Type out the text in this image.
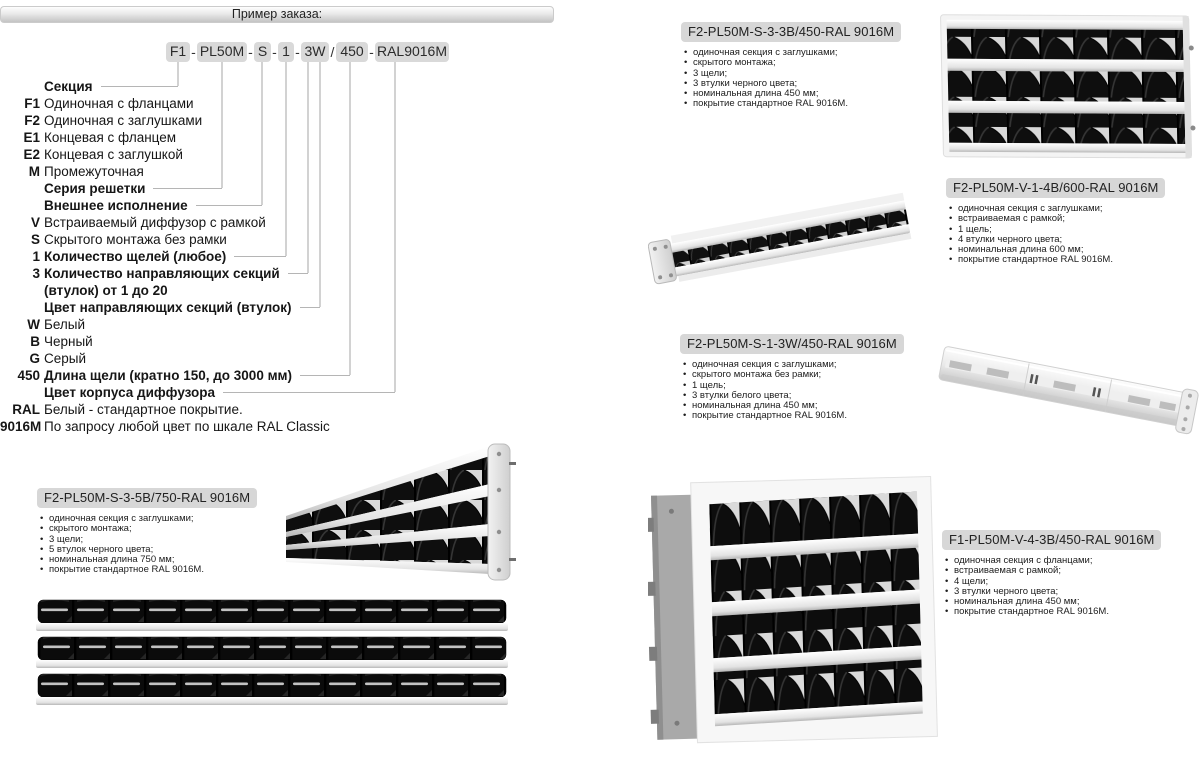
Пример заказа:
F1 - PL50M - S - 1 - 3W / 450 - RAL9016M
Секция
F1 Одиночная с фланцами
F2 Одиночная с заглушками
E1 Концевая с фланцем
E2 Концевая с заглушкой
M Промежуточная
Серия решетки
Внешнее исполнение
V Встраиваемый диффузор с рамкой
S Скрытого монтажа без рамки
1 Количество щелей (любое)
3 Количество направляющих секций
(втулок) от 1 до 20
Цвет направляющих секций (втулок)
W Белый
B Черный
G Серый
450 Длина щели (кратно 150, до 3000 мм)
Цвет корпуса диффузора
RAL Белый - стандартное покрытие.
9016M По запросу любой цвет по шкале RAL Classic
F2-PL50M-S-3-3B/450-RAL 9016M
• одиночная секция с заглушками;
• скрытого монтажа;
• 3 щели;
• 3 втулки черного цвета;
• номинальная длина 450 мм;
• покрытие стандартное RAL 9016M.
F2-PL50M-V-1-4B/600-RAL 9016M
• одиночная секция с заглушками;
• встраиваемая с рамкой;
• 1 щель;
• 4 втулки черного цвета;
• номинальная длина 600 мм;
• покрытие стандартное RAL 9016M.
F2-PL50M-S-1-3W/450-RAL 9016M
• одиночная секция с заглушками;
• скрытого монтажа без рамки;
• 1 щель;
• 3 втулки белого цвета;
• номинальная длина 450 мм;
• покрытие стандартное RAL 9016M.
F1-PL50M-V-4-3B/450-RAL 9016M
• одиночная секция с фланцами;
• встраиваемая с рамкой;
• 4 щели;
• 3 втулки черного цвета;
• номинальная длина 450 мм;
• покрытие стандартное RAL 9016M.
F2-PL50M-S-3-5B/750-RAL 9016M
• одиночная секция с заглушками;
• скрытого монтажа;
• 3 щели;
• 5 втулок черного цвета;
• номинальная длина 750 мм;
• покрытие стандартное RAL 9016M.
